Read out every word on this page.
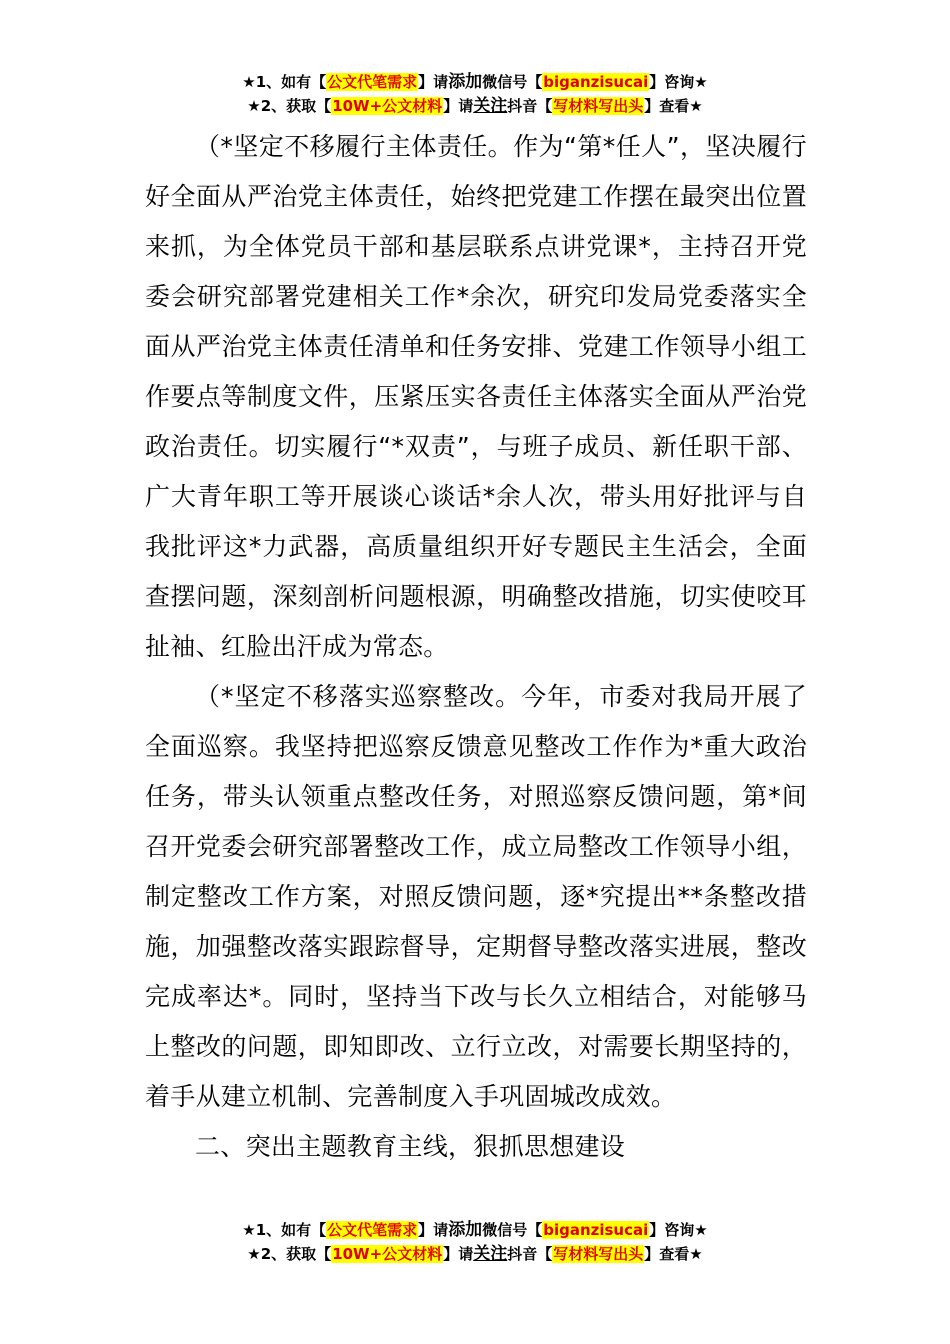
★1、如有【公文代笔需求】请添加微信号【biganzisucai】咨询★
★2、获取【10W+公文材料】请关注抖音【写材料写出头】查看★

（*坚定不移履行主体责任。作为“第*任人”，坚决履行好全面从严治党主体责任，始终把党建工作摆在最突出位置来抓，为全体党员干部和基层联系点讲党课*，主持召开党委会研究部署党建相关工作*余次，研究印发局党委落实全面从严治党主体责任清单和任务安排、党建工作领导小组工作要点等制度文件，压紧压实各责任主体落实全面从严治党政治责任。切实履行“*双责”，与班子成员、新任职干部、广大青年职工等开展谈心谈话*余人次，带头用好批评与自我批评这*力武器，高质量组织开好专题民主生活会，全面查摆问题，深刻剖析问题根源，明确整改措施，切实使咬耳扯袖、红脸出汗成为常态。

（*坚定不移落实巡察整改。今年，市委对我局开展了全面巡察。我坚持把巡察反馈意见整改工作作为*重大政治任务，带头认领重点整改任务，对照巡察反馈问题，第*间召开党委会研究部署整改工作，成立局整改工作领导小组，制定整改工作方案，对照反馈问题，逐*究提出**条整改措施，加强整改落实跟踪督导，定期督导整改落实进展，整改完成率达*。同时，坚持当下改与长久立相结合，对能够马上整改的问题，即知即改、立行立改，对需要长期坚持的，着手从建立机制、完善制度入手巩固城改成效。

二、突出主题教育主线，狠抓思想建设

★1、如有【公文代笔需求】请添加微信号【biganzisucai】咨询★
★2、获取【10W+公文材料】请关注抖音【写材料写出头】查看★
